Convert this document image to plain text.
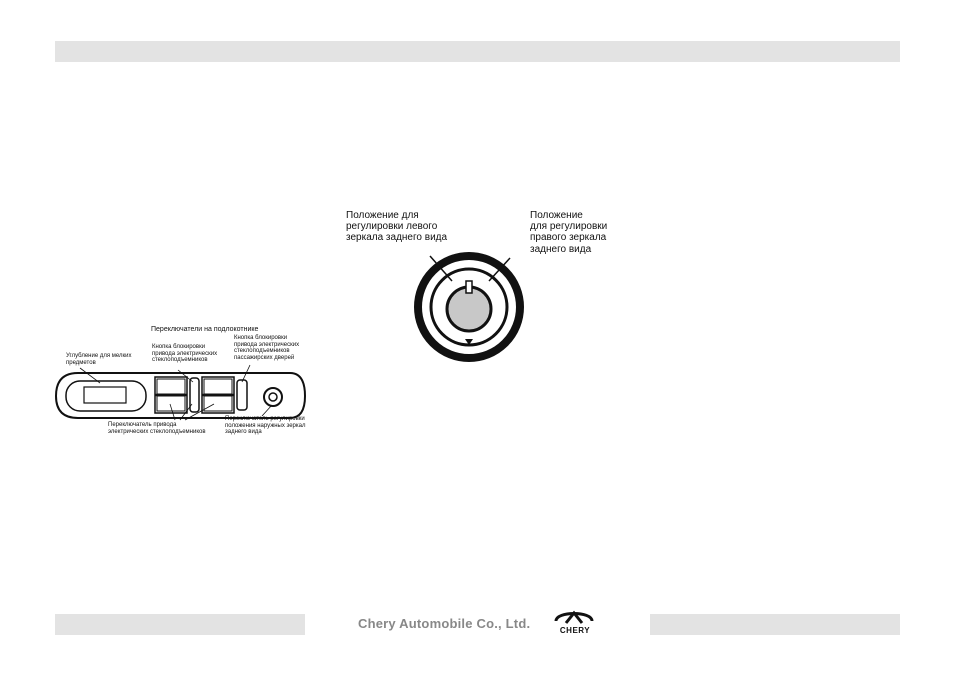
Chery Automobile Co., Ltd.	CHERY
Положение для
регулировки левого
зеркала заднего вида
Положение
для регулировки
правого зеркала
заднего вида
Переключатели на подлокотнике
Углубление для мелких
предметов
Кнопка блокировки
привода электрических
стеклоподъемников
Кнопка блокировки
привода электрических
стеклоподъемников
пассажирских дверей
Переключатель привода
электрических стеклоподъемников
Переключатель регулировки
положения наружных зеркал
заднего вида
